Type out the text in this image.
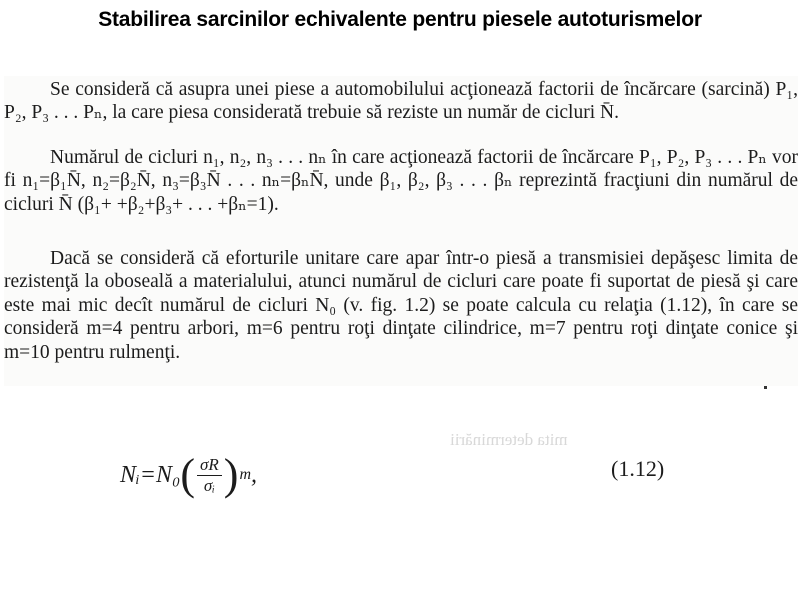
Stabilirea sarcinilor echivalente pentru piesele autoturismelor

Se consideră că asupra unei piese a automobilului acţionează factorii de încărcare (sarcină) P₁, P₂, P₃ . . . Pₙ, la care piesa considerată trebuie să reziste un număr de cicluri N̄.

Numărul de cicluri n₁, n₂, n₃ . . . nₙ în care acţionează factorii de încărcare P₁, P₂, P₃ . . . Pₙ vor fi n₁=β₁N̄, n₂=β₂N̄, n₃=β₃N̄ . . . nₙ=βₙN̄, unde β₁, β₂, β₃ . . . βₙ reprezintă fracţiuni din numărul de cicluri N̄ (β₁+ +β₂+β₃+ . . . +βₙ=1).

Dacă se consideră că eforturile unitare care apar într-o piesă a transmisiei depăşesc limita de rezistenţă la oboseală a materialului, atunci numărul de cicluri care poate fi suportat de piesă şi care este mai mic decît numărul de cicluri N₀ (v. fig. 1.2) se poate calcula cu relaţia (1.12), în care se consideră m=4 pentru arbori, m=6 pentru roţi dinţate cilindrice, m=7 pentru roţi dinţate conice şi m=10 pentru rulmenţi.

mita determinării
Nᵢ=N₀ ( $\frac{\sigma R}{\text{σᵢ}}$ ) m ,	(1.12)
